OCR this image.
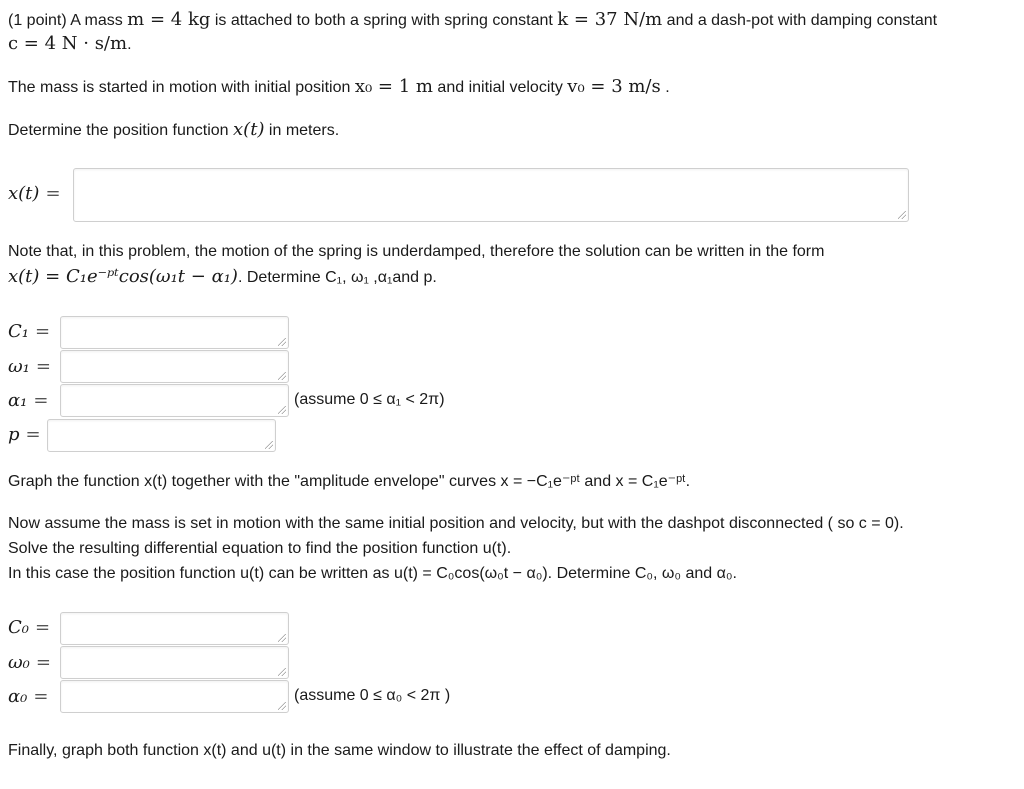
(1 point) A mass m = 4 kg is attached to both a spring with spring constant k = 37 N/m and a dash-pot with damping constant
c = 4 N · s/m.
The mass is started in motion with initial position x₀ = 1 m and initial velocity v₀ = 3 m/s .
Determine the position function x(t) in meters.
x(t) =
Note that, in this problem, the motion of the spring is underdamped, therefore the solution can be written in the form
x(t) = C₁e⁻ᵖᵗcos(ω₁t − α₁). Determine C₁, ω₁ ,α₁and p.
C₁ =
ω₁ =
α₁ =	(assume 0 ≤ α₁ < 2π)
p =
Graph the function x(t) together with the "amplitude envelope" curves x = −C₁e⁻ᵖᵗ and x = C₁e⁻ᵖᵗ.
Now assume the mass is set in motion with the same initial position and velocity, but with the dashpot disconnected ( so c = 0).
Solve the resulting differential equation to find the position function u(t).
In this case the position function u(t) can be written as u(t) = C₀cos(ω₀t − α₀). Determine C₀, ω₀ and α₀.
C₀ =
ω₀ =
α₀ =	(assume 0 ≤ α₀ < 2π )
Finally, graph both function x(t) and u(t) in the same window to illustrate the effect of damping.
